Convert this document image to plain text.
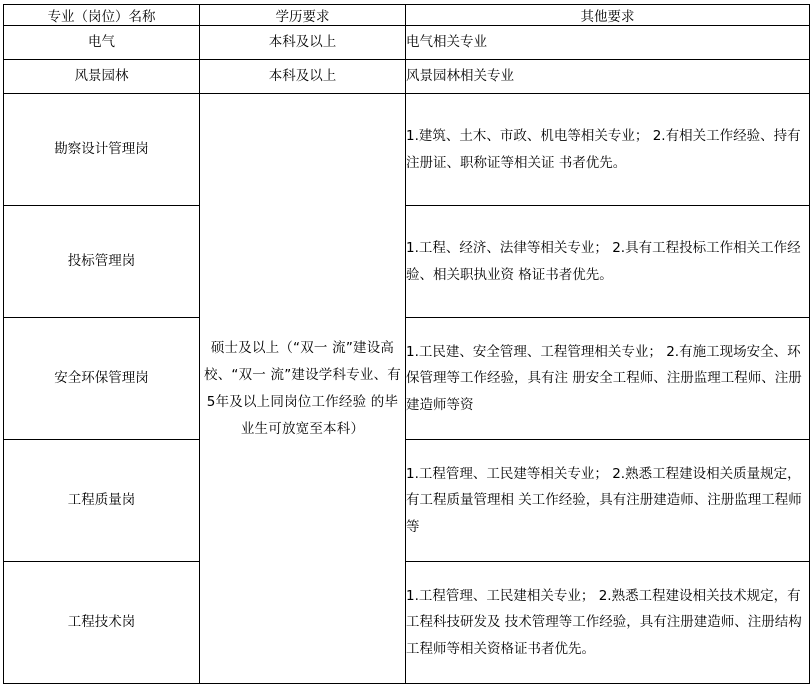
专业（岗位）名称	学历要求	其他要求
电气	本科及以上	电气相关专业
风景园林	本科及以上	风景园林相关专业
勘察设计管理岗	硕士及以上（“双一 流”建设高校、“双一 流”建设学科专业、有 5年及以上同岗位工作经验 的毕业生可放宽至本科）	1.建筑、土木、市政、机电等相关专业； 2.有相关工作经验、持有注册证、职称证等相关证 书者优先。
投标管理岗		1.工程、经济、法律等相关专业； 2.具有工程投标工作相关工作经验、相关职执业资 格证书者优先。
安全环保管理岗		1.工民建、安全管理、工程管理相关专业； 2.有施工现场安全、环保管理等工作经验，具有注 册安全工程师、注册监理工程师、注册建造师等资
工程质量岗		1.工程管理、工民建等相关专业； 2.熟悉工程建设相关质量规定，有工程质量管理相 关工作经验，具有注册建造师、注册监理工程师等
工程技术岗		1.工程管理、工民建相关专业； 2.熟悉工程建设相关技术规定，有工程科技研发及 技术管理等工作经验，具有注册建造师、注册结构 工程师等相关资格证书者优先。
